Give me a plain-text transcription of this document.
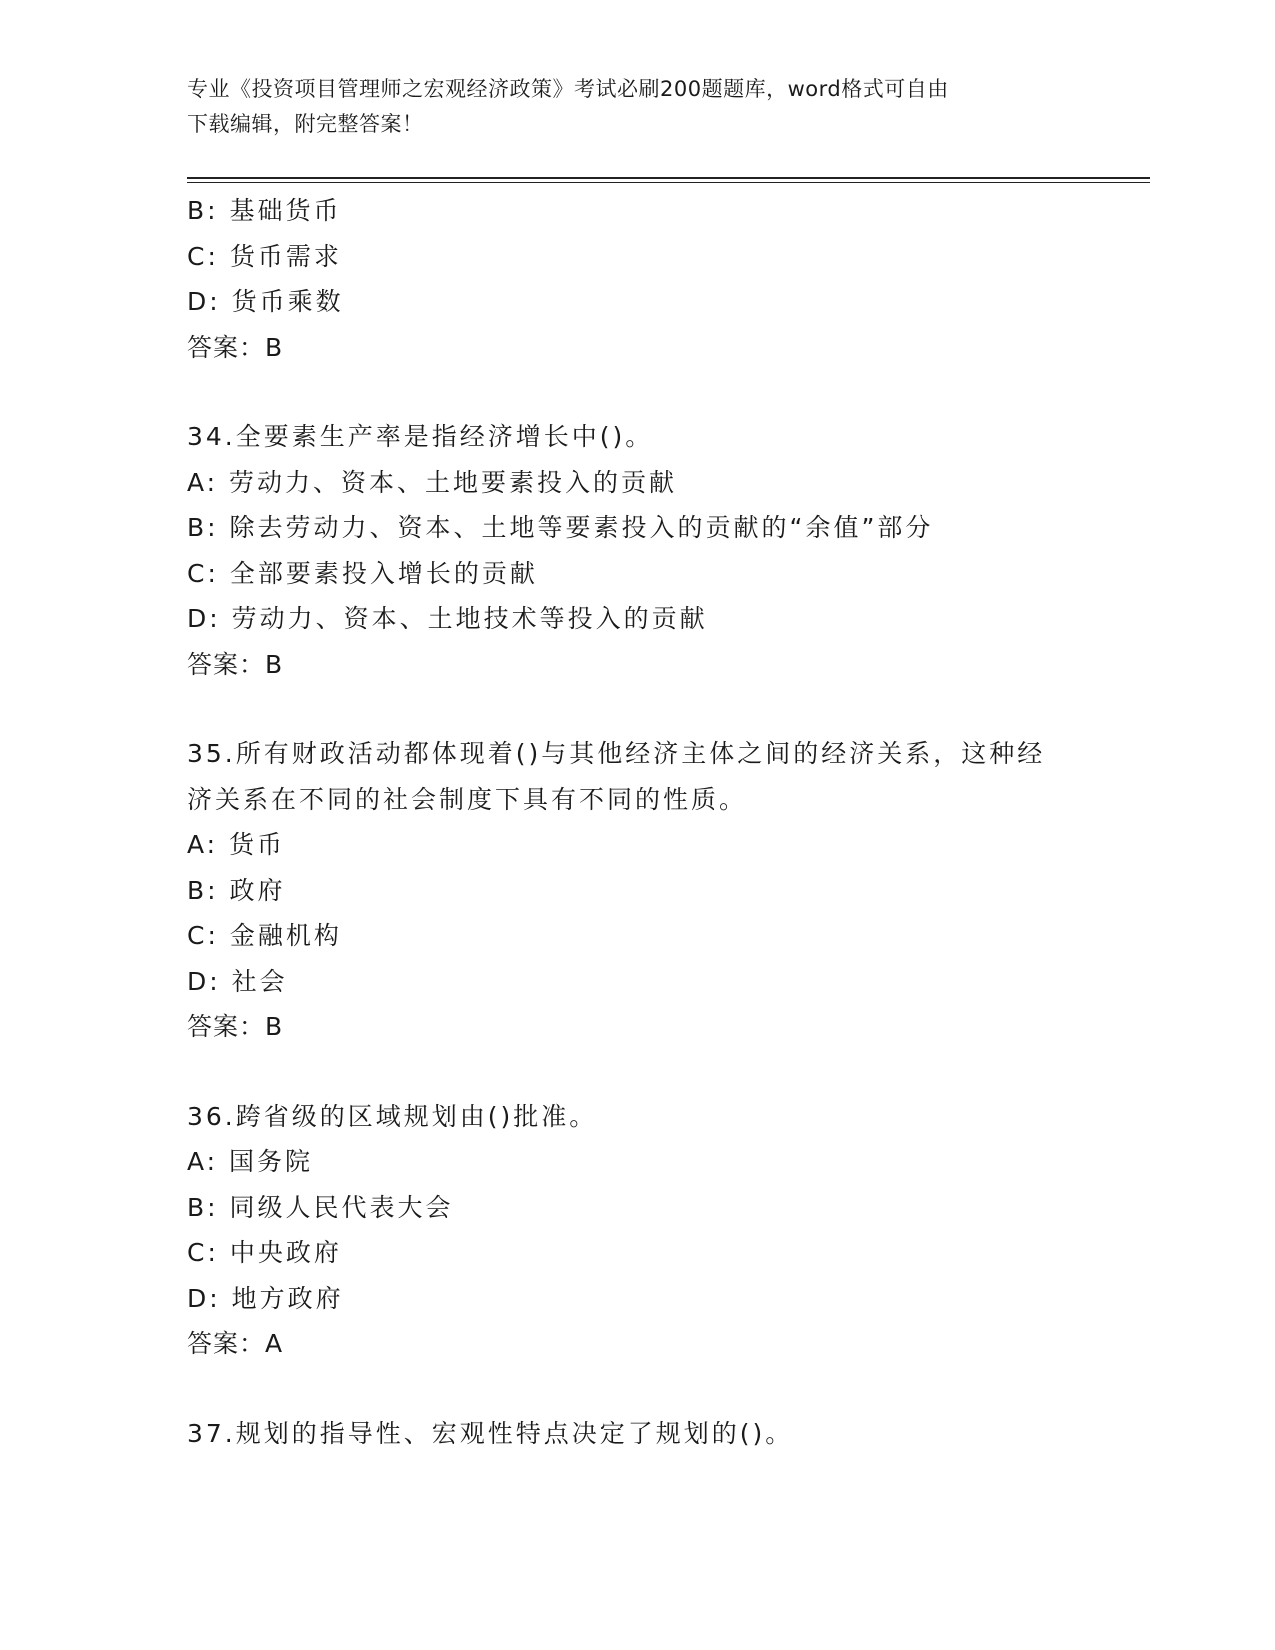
专业《投资项目管理师之宏观经济政策》考试必刷200题题库，word格式可自由
下载编辑，附完整答案！
B: 基础货币
C: 货币需求
D: 货币乘数
答案：B
34.全要素生产率是指经济增长中()。
A: 劳动力、资本、土地要素投入的贡献
B: 除去劳动力、资本、土地等要素投入的贡献的“余值”部分
C: 全部要素投入增长的贡献
D: 劳动力、资本、土地技术等投入的贡献
答案：B
35.所有财政活动都体现着()与其他经济主体之间的经济关系，这种经
济关系在不同的社会制度下具有不同的性质。
A: 货币
B: 政府
C: 金融机构
D: 社会
答案：B
36.跨省级的区域规划由()批准。
A: 国务院
B: 同级人民代表大会
C: 中央政府
D: 地方政府
答案：A
37.规划的指导性、宏观性特点决定了规划的()。
